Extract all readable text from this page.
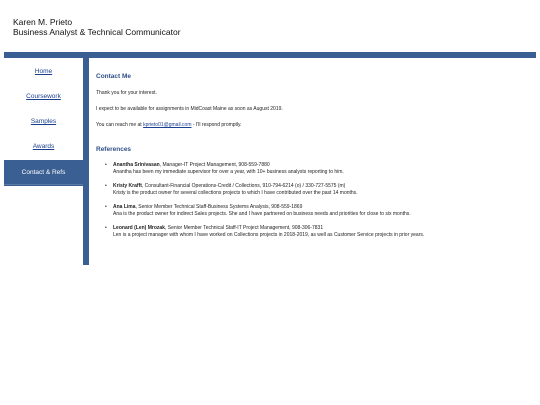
Karen M. Prieto
Business Analyst & Technical Communicator
Home
Coursework
Samples
Awards
Contact & Refs
Contact Me

Thank you for your interest.

I expect to be available for assignments in MidCoast Maine as soon as August 2019.

You can reach me at kprieto01@gmail.com - I'll respond promptly.

References
• Anantha Srinivasan, Manager-IT Project Management, 908-559-7880
Anantha has been my immediate supervisor for over a year, with 10+ business analysts reporting to him.
• Kristy Krafft, Consultant-Financial Operations-Credit / Collections, 910-794-6214 (o) / 330-727-5575 (m)
Kristy is the product owner for several collections projects to which I have contributed over the past 14 months.
• Ana Lima, Senior Member Technical Staff-Business Systems Analysis, 908-559-1869
Ana is the product owner for indirect Sales projects. She and I have partnered on business needs and priorities for close to six months.
• Leonard (Len) Mrozak, Senior Member Technical Staff-IT Project Management, 908-306-7831
Len is a project manager with whom I have worked on Collections projects in 2018-2019, as well as Customer Service projects in prior years.
